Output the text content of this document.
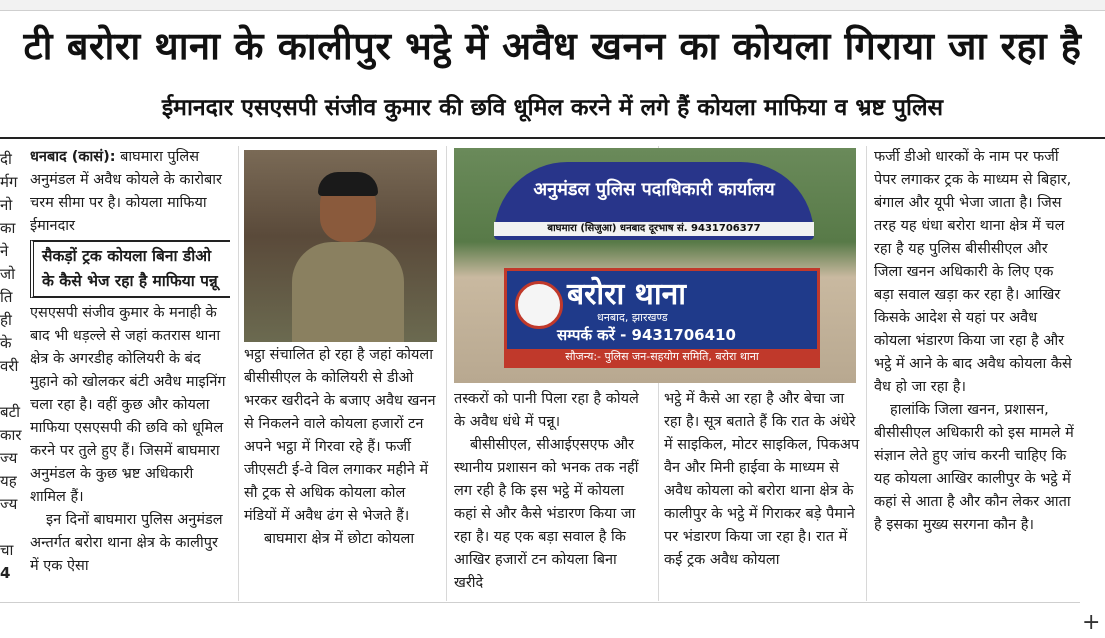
टी बरोरा थाना के कालीपुर भट्ठे में अवैध खनन का कोयला गिराया जा रहा है
ईमानदार एसएसपी संजीव कुमार की छवि धूमिल करने में लगे हैं कोयला माफिया व भ्रष्ट पुलिस
दी
र्मग
नो
का
ने
जो
ति
ही
के
वरी

बटी
कार
ज्य
यह
ज्य

चा
4

धनबाद (कासं): बाघमारा पुलिस अनुमंडल में अवैध कोयले के कारोबार चरम सीमा पर है। कोयला माफिया ईमानदार

सैकड़ों ट्रक कोयला बिना डीओ के कैसे भेज रहा है माफिया पन्नू

एसएसपी संजीव कुमार के मनाही के बाद भी धड़ल्ले से जहां कतरास थाना क्षेत्र के अगरडीह कोलियरी के बंद मुहाने को खोलकर बंटी अवैध माइनिंग चला रहा है। वहीं कुछ और कोयला माफिया एसएसपी की छवि को धूमिल करने पर तुले हुए हैं। जिसमें बाघमारा अनुमंडल के कुछ भ्रष्ट अधिकारी शामिल हैं।

इन दिनों बाघमारा पुलिस अनुमंडल अन्तर्गत बरोरा थाना क्षेत्र के कालीपुर में एक ऐसा

भट्ठा संचालित हो रहा है जहां कोयला बीसीसीएल के कोलियरी से डीओ भरकर खरीदने के बजाए अवैध खनन से निकलने वाले कोयला हजारों टन अपने भट्ठा में गिरवा रहे हैं। फर्जी जीएसटी ई-वे विल लगाकर महीने में सौ ट्रक से अधिक कोयला कोल मंडियों में अवैध ढंग से भेजते हैं।

बाघमारा क्षेत्र में छोटा कोयला

अनुमंडल पुलिस पदाधिकारी कार्यालय
बाघमारा (सिजुआ) धनबाद दूरभाष सं. 9431706377
बरोरा थाना
धनबाद, झारखण्ड
सम्पर्क करें - 9431706410
सौजन्य:- पुलिस जन-सहयोग समिति, बरोरा थाना

तस्करों को पानी पिला रहा है कोयले के अवैध धंधे में पन्नू।

बीसीसीएल, सीआईएसएफ और स्थानीय प्रशासन को भनक तक नहीं लग रही है कि इस भट्ठे में कोयला कहां से और कैसे भंडारण किया जा रहा है। यह एक बड़ा सवाल है कि आखिर हजारों टन कोयला बिना खरीदे

भट्ठे में कैसे आ रहा है और बेचा जा रहा है। सूत्र बताते हैं कि रात के अंधेरे में साइकिल, मोटर साइकिल, पिकअप वैन और मिनी हाईवा के माध्यम से अवैध कोयला को बरोरा थाना क्षेत्र के कालीपुर के भट्ठे में गिराकर बड़े पैमाने पर भंडारण किया जा रहा है। रात में कई ट्रक अवैध कोयला

फर्जी डीओ धारकों के नाम पर फर्जी पेपर लगाकर ट्रक के माध्यम से बिहार, बंगाल और यूपी भेजा जाता है। जिस तरह यह धंधा बरोरा थाना क्षेत्र में चल रहा है यह पुलिस बीसीसीएल और जिला खनन अधिकारी के लिए एक बड़ा सवाल खड़ा कर रहा है। आखिर किसके आदेश से यहां पर अवैध कोयला भंडारण किया जा रहा है और भट्ठे में आने के बाद अवैध कोयला कैसे वैध हो जा रहा है।

हालांकि जिला खनन, प्रशासन, बीसीसीएल अधिकारी को इस मामले में संज्ञान लेते हुए जांच करनी चाहिए कि यह कोयला आखिर कालीपुर के भट्ठे में कहां से आता है और कौन लेकर आता है इसका मुख्य सरगना कौन है।

+
